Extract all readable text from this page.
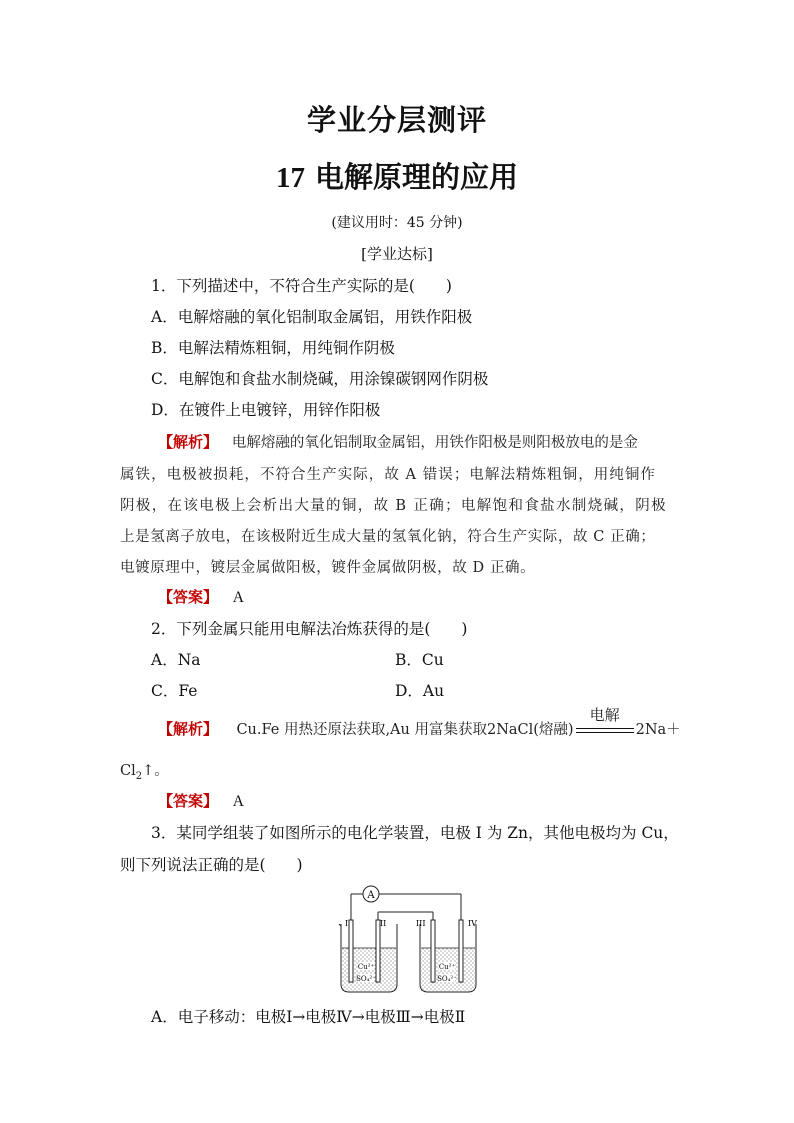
学业分层测评
17 电解原理的应用
(建议用时：45 分钟)
[学业达标]
1．下列描述中，不符合生产实际的是(　　)
A．电解熔融的氧化铝制取金属铝，用铁作阳极
B．电解法精炼粗铜，用纯铜作阴极
C．电解饱和食盐水制烧碱，用涂镍碳钢网作阴极
D．在镀件上电镀锌，用锌作阳极
【解析】 电解熔融的氧化铝制取金属铝，用铁作阳极是则阳极放电的是金
属铁，电极被损耗，不符合生产实际，故 A 错误；电解法精炼粗铜，用纯铜作
阴极，在该电极上会析出大量的铜，故 B 正确；电解饱和食盐水制烧碱，阴极
上是氢离子放电，在该极附近生成大量的氢氧化钠，符合生产实际，故 C 正确；
电镀原理中，镀层金属做阳极，镀件金属做阴极，故 D 正确。
【答案】 A
2．下列金属只能用电解法冶炼获得的是(　　)
A．Na	B．Cu
C．Fe	D．Au
【解析】 Cu.Fe 用热还原法获取,Au 用富集获取2NaCl(熔融)
电解
2Na＋
$Cl_2↑$。
【答案】 A
3．某同学组装了如图所示的电化学装置，电极 I 为 Zn，其他电极均为 Cu，
则下列说法正确的是(　　)
A
I	II	III	IV
Cu²⁺
SO₄²⁻
Cu²⁺
SO₄²⁻
A．电子移动：电极Ⅰ→电极Ⅳ→电极Ⅲ→电极Ⅱ
